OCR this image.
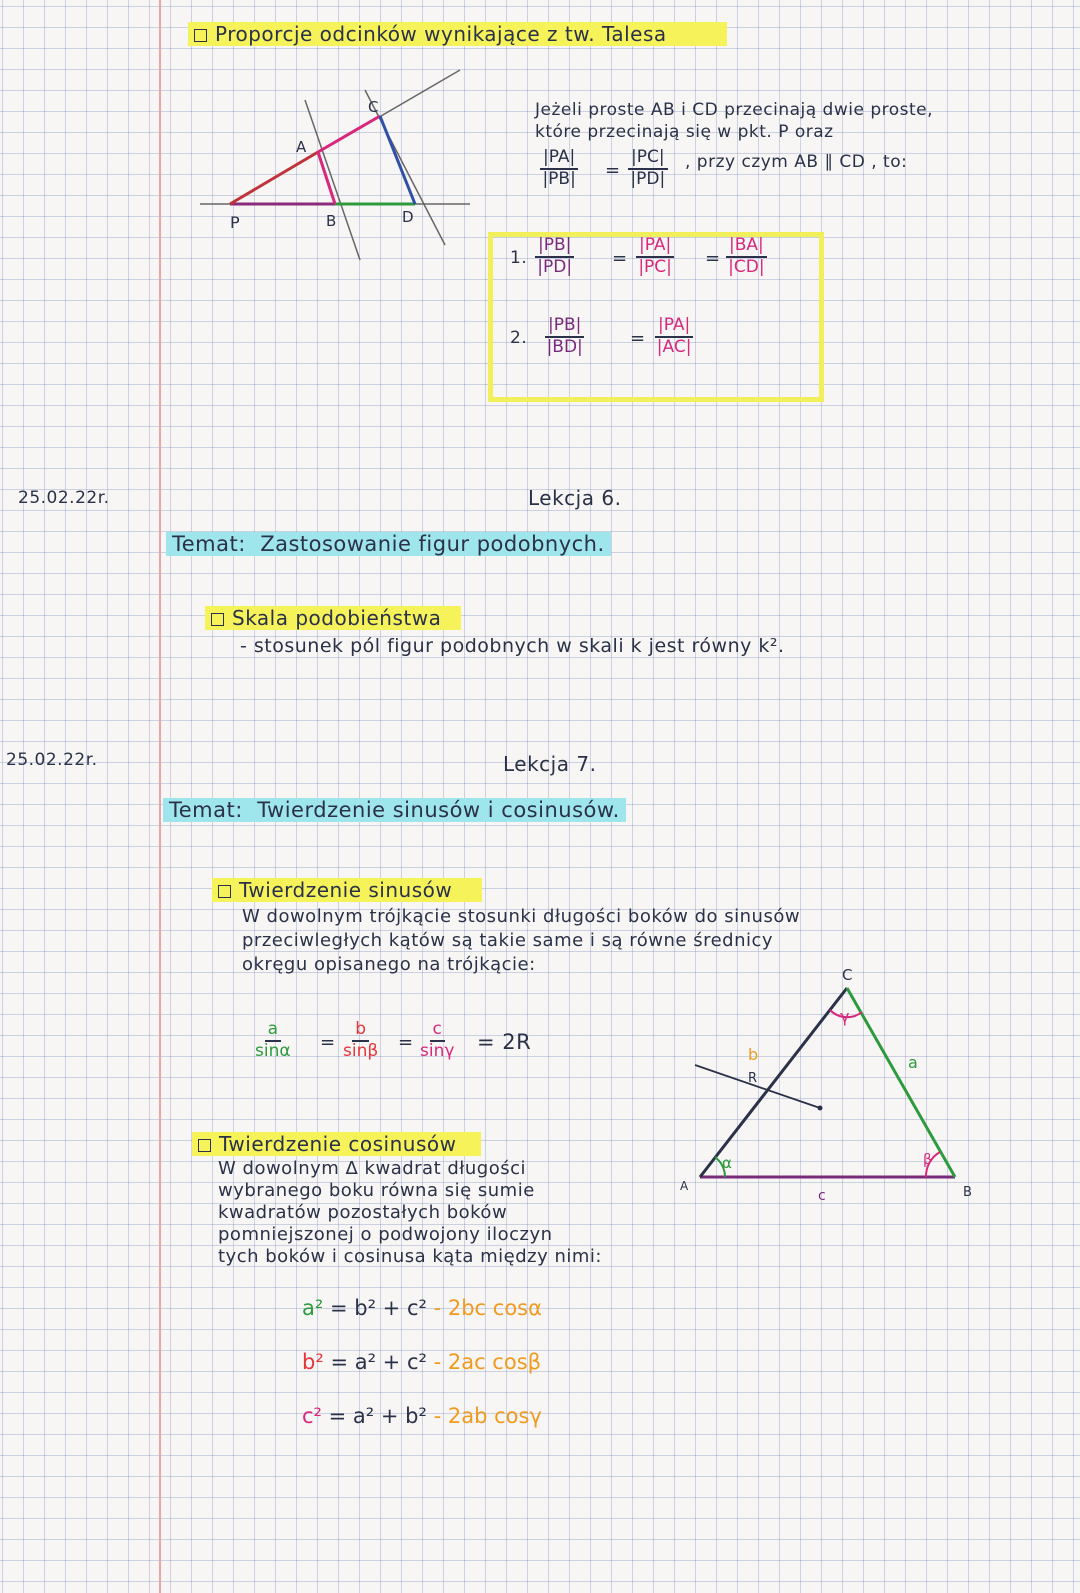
Proporcje odcinków wynikające z tw. Talesa
P
A
B
C
D
Jeżeli proste AB i CD przecinają dwie proste,
które przecinają się w pkt. P oraz
$\frac{|PA|}{|PB|} = \frac{|PC|}{|PD|}$ , przy czym AB ∥ CD , to:
1. $\frac{|PB|}{|PD|} = \frac{|PA|}{|PC|} = \frac{|BA|}{|CD|}$
2. $\frac{|PB|}{|BD|}$	= $\frac{|PA|}{|AC|}$
25.02.22r.	Lekcja 6.
Temat: Zastosowanie figur podobnych.
Skala podobieństwa
- stosunek pól figur podobnych w skali k jest równy k².
25.02.22r.	Lekcja 7.
Temat: Twierdzenie sinusów i cosinusów.
Twierdzenie sinusów
W dowolnym trójkącie stosunki długości boków do sinusów
przeciwległych kątów są takie same i są równe średnicy
okręgu opisanego na trójkącie:
$\frac{a}{\sin\alpha} = \frac{b}{\sin\beta} = \frac{c}{\sin\gamma} = 2R$
α	β
γ
C
A	B
a
b
c
R
Twierdzenie cosinusów
W dowolnym Δ kwadrat długości
wybranego boku równa się sumie
kwadratów pozostałych boków
pomniejszonej o podwojony iloczyn
tych boków i cosinusa kąta między nimi:
a² = b² + c² - 2bc cosα
b² = a² + c² - 2ac cosβ
c² = a² + b² - 2ab cosγ
